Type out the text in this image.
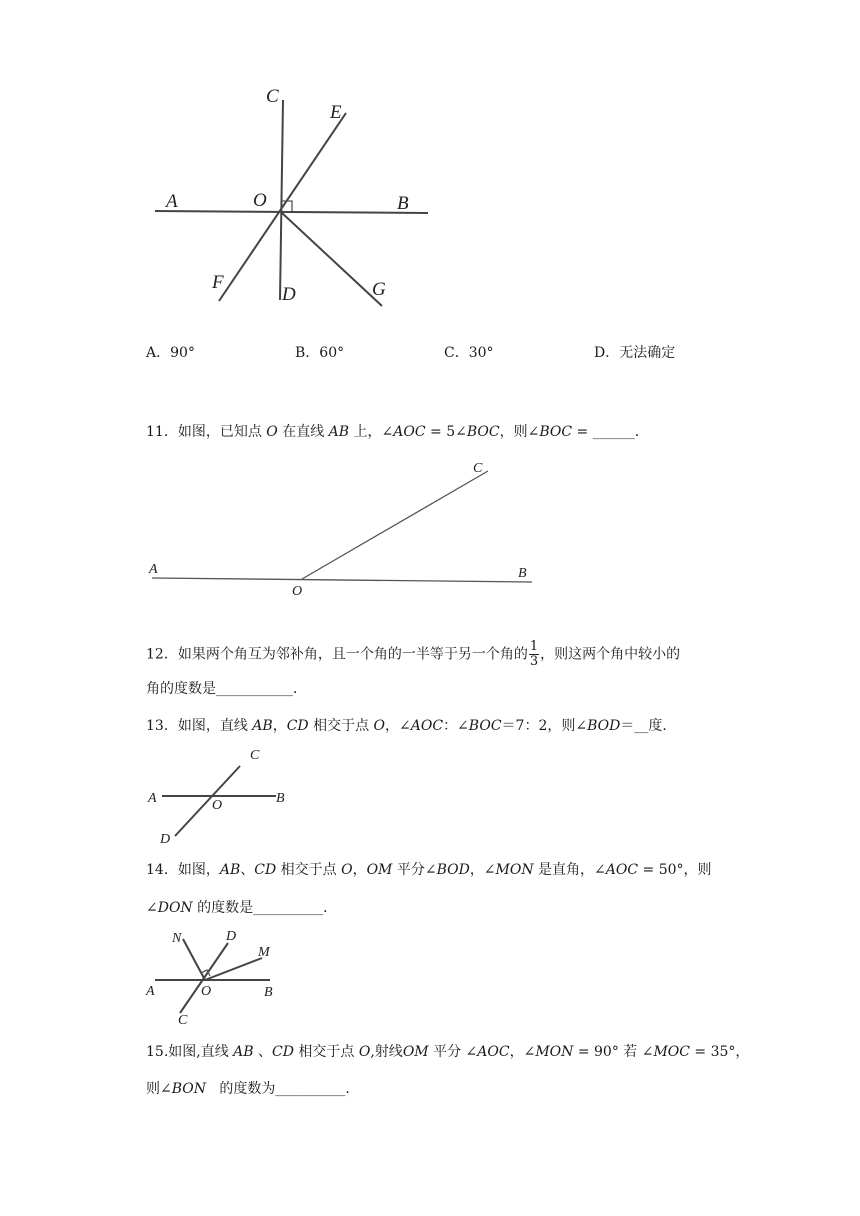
C
E
A	O	B
F
D	G
A．90°	B．60°	C．30°	D．无法确定
11．如图，已知点 O 在直线 AB 上，∠AOC = 5∠BOC，则∠BOC = ______．
C
A
O
B
12．如果两个角互为邻补角，且一个角的一半等于另一个角的 $\frac{1}{3}$ ，则这两个角中较小的
角的度数是___________．
13．如图，直线 AB，CD 相交于点 O，∠AOC：∠BOC＝7：2，则∠BOD＝__度．
C
A	O	B
D
14．如图，AB、CD 相交于点 O，OM 平分∠BOD，∠MON 是直角，∠AOC = 50°，则
∠DON 的度数是__________．
N	D
M
A	O	B
C
15.如图,直线 AB 、CD 相交于点 O,射线OM 平分 ∠AOC，∠MON = 90° 若 ∠MOC = 35°，
则∠BON   的度数为__________．
